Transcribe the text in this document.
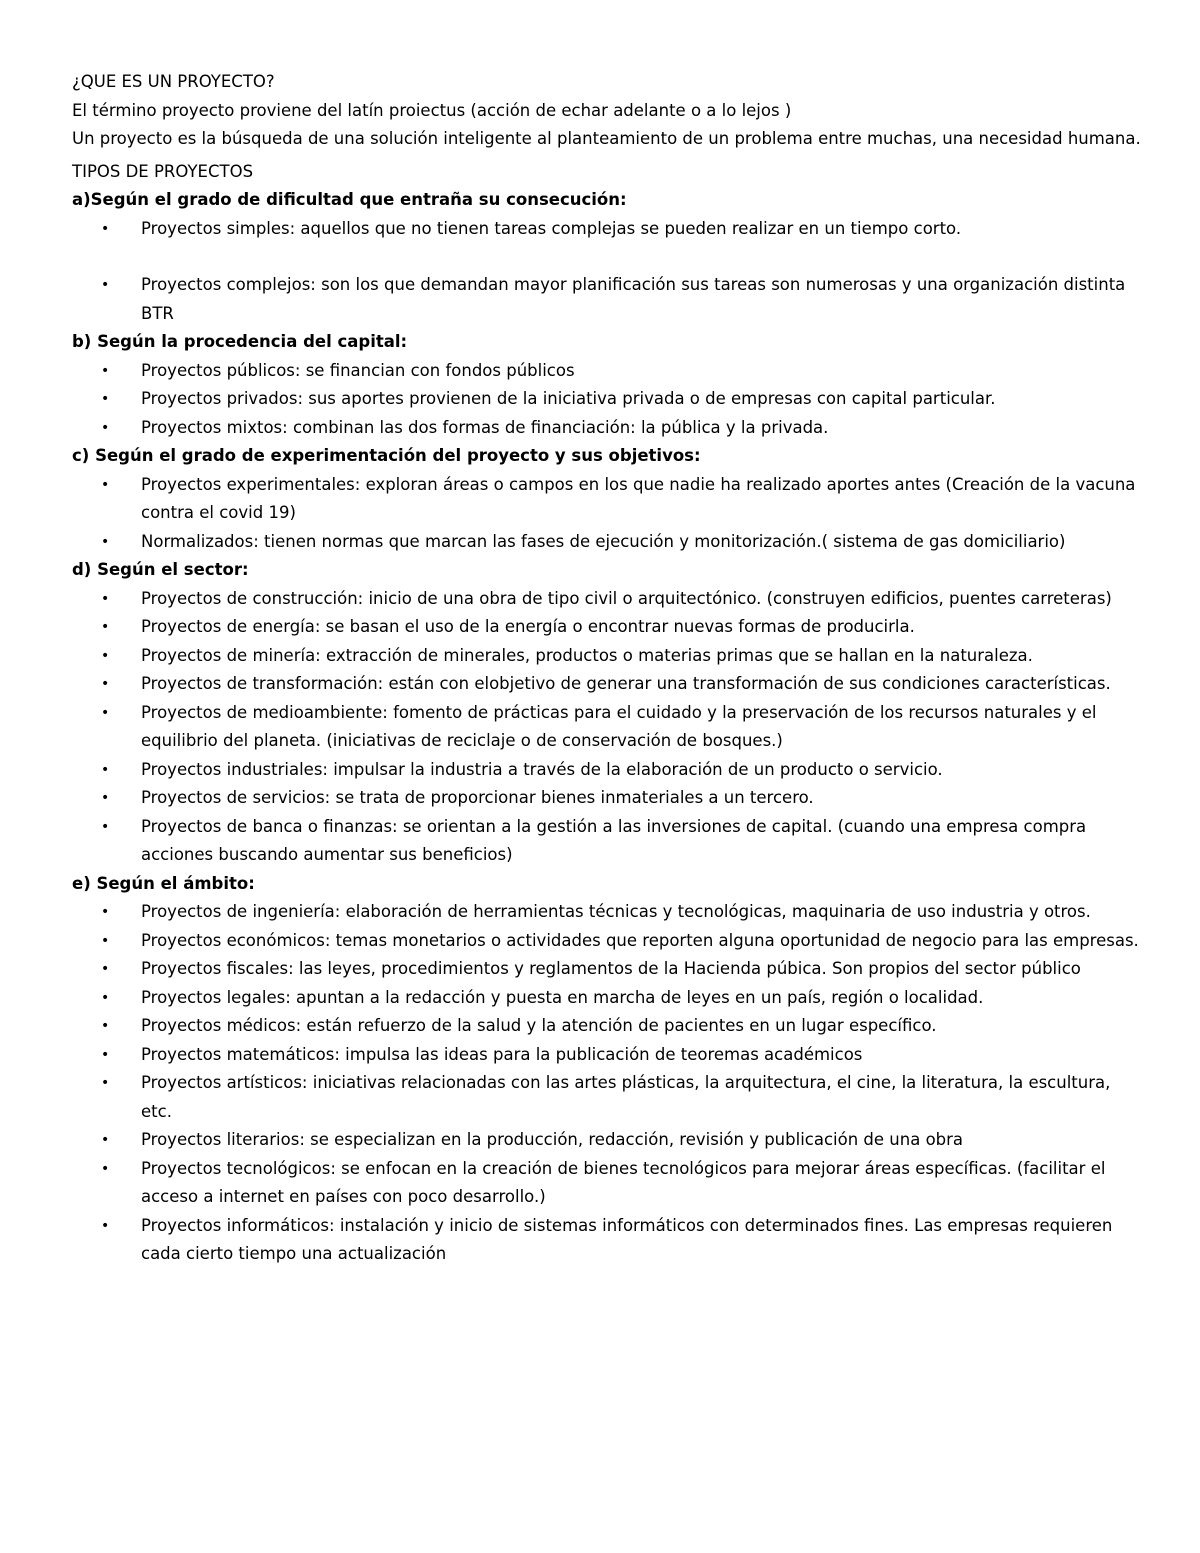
¿QUE ES UN PROYECTO?

El término proyecto proviene del latín proiectus (acción de echar adelante o a lo lejos )

Un proyecto es la búsqueda de una solución inteligente al planteamiento de un problema entre muchas, una necesidad humana.

TIPOS DE PROYECTOS

a)Según el grado de dificultad que entraña su consecución:

• Proyectos simples: aquellos que no tienen tareas complejas se pueden realizar en un tiempo corto.
• Proyectos complejos: son los que demandan mayor planificación sus tareas son numerosas y una organización distinta BTR

b) Según la procedencia del capital:

• Proyectos públicos: se financian con fondos públicos
• Proyectos privados: sus aportes provienen de la iniciativa privada o de empresas con capital particular.
• Proyectos mixtos: combinan las dos formas de financiación: la pública y la privada.

c) Según el grado de experimentación del proyecto y sus objetivos:

• Proyectos experimentales: exploran áreas o campos en los que nadie ha realizado aportes antes (Creación de la vacuna contra el covid 19)
• Normalizados: tienen normas que marcan las fases de ejecución y monitorización.( sistema de gas domiciliario)

d) Según el sector:

• Proyectos de construcción: inicio de una obra de tipo civil o arquitectónico. (construyen edificios, puentes carreteras)
• Proyectos de energía: se basan el uso de la energía o encontrar nuevas formas de producirla.
• Proyectos de minería: extracción de minerales, productos o materias primas que se hallan en la naturaleza.
• Proyectos de transformación: están con elobjetivo de generar una transformación de sus condiciones características.
• Proyectos de medioambiente: fomento de prácticas para el cuidado y la preservación de los recursos naturales y el equilibrio del planeta. (iniciativas de reciclaje o de conservación de bosques.)
• Proyectos industriales: impulsar la industria a través de la elaboración de un producto o servicio.
• Proyectos de servicios: se trata de proporcionar bienes inmateriales a un tercero.
• Proyectos de banca o finanzas: se orientan a la gestión a las inversiones de capital. (cuando una empresa compra acciones buscando aumentar sus beneficios)

e) Según el ámbito:

• Proyectos de ingeniería: elaboración de herramientas técnicas y tecnológicas, maquinaria de uso industria y otros.
• Proyectos económicos: temas monetarios o actividades que reporten alguna oportunidad de negocio para las empresas.
• Proyectos fiscales: las leyes, procedimientos y reglamentos de la Hacienda púbica. Son propios del sector público
• Proyectos legales: apuntan a la redacción y puesta en marcha de leyes en un país, región o localidad.
• Proyectos médicos: están refuerzo de la salud y la atención de pacientes en un lugar específico.
• Proyectos matemáticos: impulsa las ideas para la publicación de teoremas académicos
• Proyectos artísticos: iniciativas relacionadas con las artes plásticas, la arquitectura, el cine, la literatura, la escultura, etc.
• Proyectos literarios: se especializan en la producción, redacción, revisión y publicación de una obra
• Proyectos tecnológicos: se enfocan en la creación de bienes tecnológicos para mejorar áreas específicas. (facilitar el acceso a internet en países con poco desarrollo.)
• Proyectos informáticos: instalación y inicio de sistemas informáticos con determinados fines. Las empresas requieren cada cierto tiempo una actualización
